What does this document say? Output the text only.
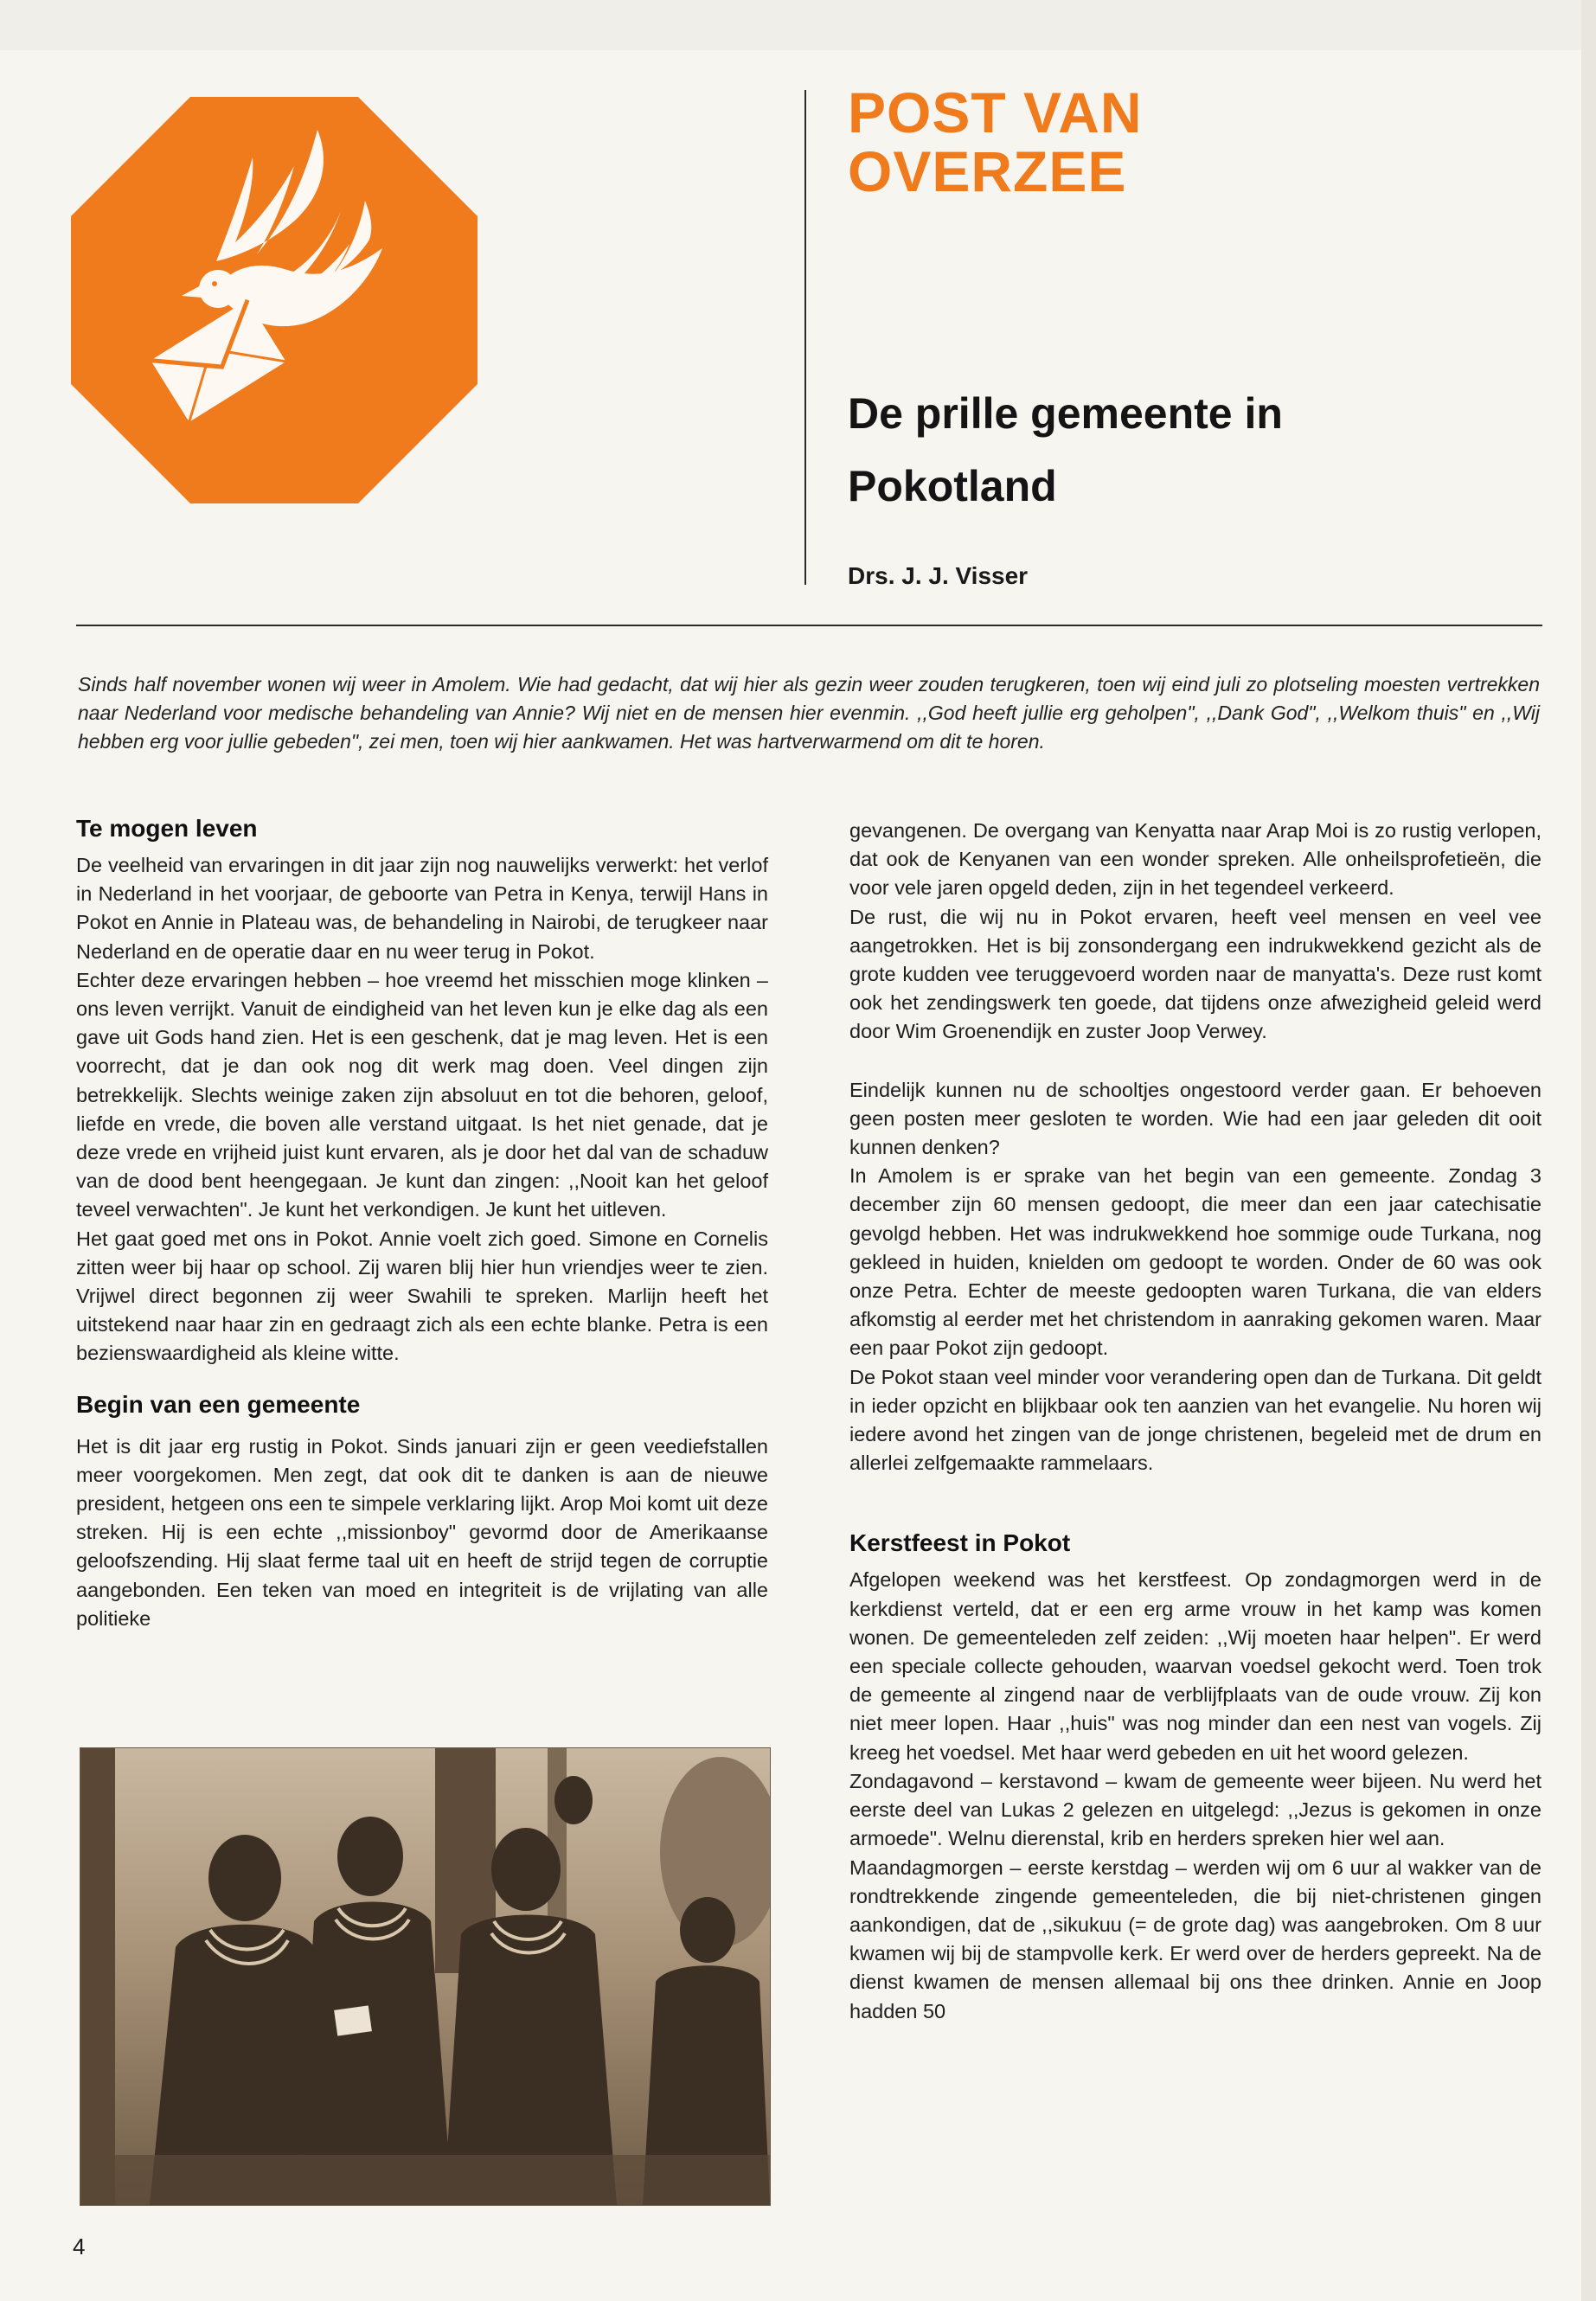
POST VAN
OVERZEE
De prille gemeente in Pokotland
Drs. J. J. Visser

Sinds half november wonen wij weer in Amolem. Wie had gedacht, dat wij hier als gezin weer zouden terugkeren, toen wij eind juli zo plotseling moesten vertrekken naar Nederland voor medische behandeling van Annie? Wij niet en de mensen hier evenmin. ,,God heeft jullie erg geholpen", ,,Dank God", ,,Welkom thuis" en ,,Wij hebben erg voor jullie gebeden", zei men, toen wij hier aankwamen. Het was hartverwarmend om dit te horen.

Te mogen leven

De veelheid van ervaringen in dit jaar zijn nog nauwelijks verwerkt: het verlof in Nederland in het voorjaar, de geboorte van Petra in Kenya, terwijl Hans in Pokot en Annie in Plateau was, de behandeling in Nairobi, de terugkeer naar Nederland en de operatie daar en nu weer terug in Pokot.

Echter deze ervaringen hebben – hoe vreemd het misschien moge klinken – ons leven verrijkt. Vanuit de eindigheid van het leven kun je elke dag als een gave uit Gods hand zien. Het is een geschenk, dat je mag leven. Het is een voorrecht, dat je dan ook nog dit werk mag doen. Veel dingen zijn betrekkelijk. Slechts weinige zaken zijn absoluut en tot die behoren, geloof, liefde en vrede, die boven alle verstand uitgaat. Is het niet genade, dat je deze vrede en vrijheid juist kunt ervaren, als je door het dal van de schaduw van de dood bent heengegaan. Je kunt dan zingen: ,,Nooit kan het geloof teveel verwachten". Je kunt het verkondigen. Je kunt het uitleven.

Het gaat goed met ons in Pokot. Annie voelt zich goed. Simone en Cornelis zitten weer bij haar op school. Zij waren blij hier hun vriendjes weer te zien. Vrijwel direct begonnen zij weer Swahili te spreken. Marlijn heeft het uitstekend naar haar zin en gedraagt zich als een echte blanke. Petra is een bezienswaardigheid als kleine witte.

Begin van een gemeente

Het is dit jaar erg rustig in Pokot. Sinds januari zijn er geen veediefstallen meer voorgekomen. Men zegt, dat ook dit te danken is aan de nieuwe president, hetgeen ons een te simpele verklaring lijkt. Arop Moi komt uit deze streken. Hij is een echte ,,missionboy" gevormd door de Amerikaanse geloofszending. Hij slaat ferme taal uit en heeft de strijd tegen de corruptie aangebonden. Een teken van moed en integriteit is de vrijlating van alle politieke

gevangenen. De overgang van Kenyatta naar Arap Moi is zo rustig verlopen, dat ook de Kenyanen van een wonder spreken. Alle onheilsprofetieën, die voor vele jaren opgeld deden, zijn in het tegendeel verkeerd.

De rust, die wij nu in Pokot ervaren, heeft veel mensen en veel vee aangetrokken. Het is bij zonsondergang een indrukwekkend gezicht als de grote kudden vee teruggevoerd worden naar de manyatta's. Deze rust komt ook het zendingswerk ten goede, dat tijdens onze afwezigheid geleid werd door Wim Groenendijk en zuster Joop Verwey.

Eindelijk kunnen nu de schooltjes ongestoord verder gaan. Er behoeven geen posten meer gesloten te worden. Wie had een jaar geleden dit ooit kunnen denken?

In Amolem is er sprake van het begin van een gemeente. Zondag 3 december zijn 60 mensen gedoopt, die meer dan een jaar catechisatie gevolgd hebben. Het was indrukwekkend hoe sommige oude Turkana, nog gekleed in huiden, knielden om gedoopt te worden. Onder de 60 was ook onze Petra. Echter de meeste gedoopten waren Turkana, die van elders afkomstig al eerder met het christendom in aanraking gekomen waren. Maar een paar Pokot zijn gedoopt.

De Pokot staan veel minder voor verandering open dan de Turkana. Dit geldt in ieder opzicht en blijkbaar ook ten aanzien van het evangelie. Nu horen wij iedere avond het zingen van de jonge christenen, begeleid met de drum en allerlei zelfgemaakte rammelaars.

Kerstfeest in Pokot

Afgelopen weekend was het kerstfeest. Op zondagmorgen werd in de kerkdienst verteld, dat er een erg arme vrouw in het kamp was komen wonen. De gemeenteleden zelf zeiden: ,,Wij moeten haar helpen". Er werd een speciale collecte gehouden, waarvan voedsel gekocht werd. Toen trok de gemeente al zingend naar de verblijfplaats van de oude vrouw. Zij kon niet meer lopen. Haar ,,huis" was nog minder dan een nest van vogels. Zij kreeg het voedsel. Met haar werd gebeden en uit het woord gelezen.

Zondagavond – kerstavond – kwam de gemeente weer bijeen. Nu werd het eerste deel van Lukas 2 gelezen en uitgelegd: ,,Jezus is gekomen in onze armoede". Welnu dierenstal, krib en herders spreken hier wel aan.

Maandagmorgen – eerste kerstdag – werden wij om 6 uur al wakker van de rondtrekkende zingende gemeenteleden, die bij niet-christenen gingen aankondigen, dat de ,,sikukuu (= de grote dag) was aangebroken. Om 8 uur kwamen wij bij de stampvolle kerk. Er werd over de herders gepreekt. Na de dienst kwamen de mensen allemaal bij ons thee drinken. Annie en Joop hadden 50

4
